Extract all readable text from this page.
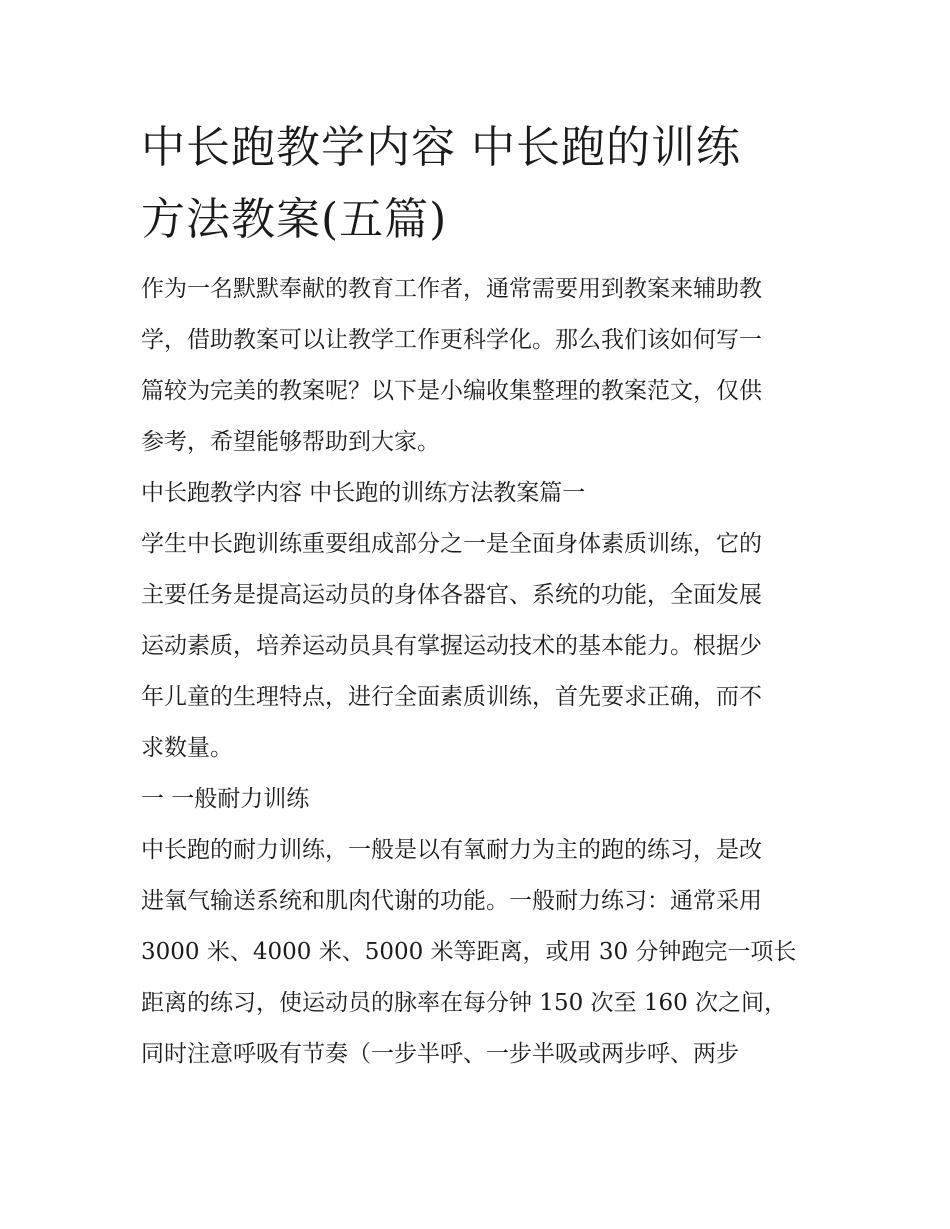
中长跑教学内容 中长跑的训练
方法教案(五篇)

作为一名默默奉献的教育工作者，通常需要用到教案来辅助教
学，借助教案可以让教学工作更科学化。那么我们该如何写一
篇较为完美的教案呢？以下是小编收集整理的教案范文，仅供
参考，希望能够帮助到大家。

中长跑教学内容 中长跑的训练方法教案篇一

学生中长跑训练重要组成部分之一是全面身体素质训练，它的
主要任务是提高运动员的身体各器官、系统的功能，全面发展
运动素质，培养运动员具有掌握运动技术的基本能力。根据少
年儿童的生理特点，进行全面素质训练，首先要求正确，而不
求数量。

一 一般耐力训练

中长跑的耐力训练，一般是以有氧耐力为主的跑的练习，是改
进氧气输送系统和肌肉代谢的功能。一般耐力练习：通常采用
3000 米、4000 米、5000 米等距离，或用 30 分钟跑完一项长
距离的练习，使运动员的脉率在每分钟 150 次至 160 次之间，
同时注意呼吸有节奏（一步半呼、一步半吸或两步呼、两步
